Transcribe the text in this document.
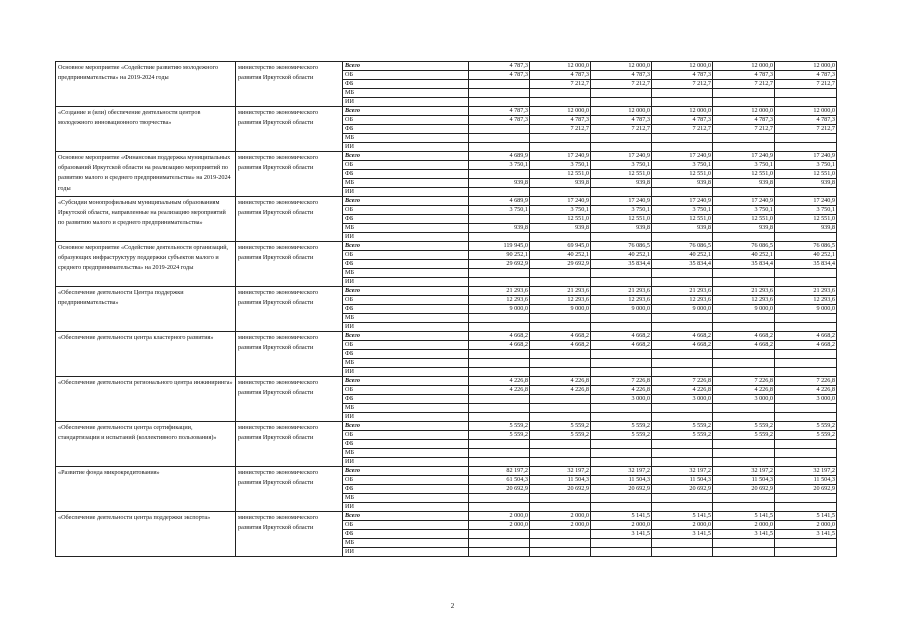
Основное мероприятие «Содействие развитию молодежного предпринимательства» на 2019-2024 годы	министерство экономического развития Иркутской области	Всего	4 787,3	12 000,0	12 000,0	12 000,0	12 000,0	12 000,0
		ОБ	4 787,3	4 787,3	4 787,3	4 787,3	4 787,3	4 787,3
		ФБ		7 212,7	7 212,7	7 212,7	7 212,7	7 212,7
		МБ						
		ИИ						
«Создание и (или) обеспечение деятельности центров молодежного инновационного творчества»	министерство экономического развития Иркутской области	Всего	4 787,3	12 000,0	12 000,0	12 000,0	12 000,0	12 000,0
		ОБ	4 787,3	4 787,3	4 787,3	4 787,3	4 787,3	4 787,3
		ФБ		7 212,7	7 212,7	7 212,7	7 212,7	7 212,7
		МБ						
		ИИ						
Основное мероприятие «Финансовая поддержка муниципальных образований Иркутской области на реализацию мероприятий по развитию малого и среднего предпринимательства» на 2019-2024 годы	министерство экономического развития Иркутской области	Всего	4 689,9	17 240,9	17 240,9	17 240,9	17 240,9	17 240,9
		ОБ	3 750,1	3 750,1	3 750,1	3 750,1	3 750,1	3 750,1
		ФБ		12 551,0	12 551,0	12 551,0	12 551,0	12 551,0
		МБ	939,8	939,8	939,8	939,8	939,8	939,8
		ИИ						
«Субсидии монопрофильным муниципальным образованиям Иркутской области, направленные на реализацию мероприятий по развитию малого и среднего предпринимательства»	министерство экономического развития Иркутской области	Всего	4 689,9	17 240,9	17 240,9	17 240,9	17 240,9	17 240,9
		ОБ	3 750,1	3 750,1	3 750,1	3 750,1	3 750,1	3 750,1
		ФБ		12 551,0	12 551,0	12 551,0	12 551,0	12 551,0
		МБ	939,8	939,8	939,8	939,8	939,8	939,8
		ИИ						
Основное мероприятие «Содействие деятельности организаций, образующих инфраструктуру поддержки субъектов малого и среднего предпринимательства» на 2019-2024 годы	министерство экономического развития Иркутской области	Всего	119 945,0	69 945,0	76 086,5	76 086,5	76 086,5	76 086,5
		ОБ	90 252,1	40 252,1	40 252,1	40 252,1	40 252,1	40 252,1
		ФБ	29 692,9	29 692,9	35 834,4	35 834,4	35 834,4	35 834,4
		МБ						
		ИИ						
«Обеспечение деятельности Центра поддержки предпринимательства»	министерство экономического развития Иркутской области	Всего	21 293,6	21 293,6	21 293,6	21 293,6	21 293,6	21 293,6
		ОБ	12 293,6	12 293,6	12 293,6	12 293,6	12 293,6	12 293,6
		ФБ	9 000,0	9 000,0	9 000,0	9 000,0	9 000,0	9 000,0
		МБ						
		ИИ						
«Обеспечение деятельности центра кластерного развития»	министерство экономического развития Иркутской области	Всего	4 668,2	4 668,2	4 668,2	4 668,2	4 668,2	4 668,2
		ОБ	4 668,2	4 668,2	4 668,2	4 668,2	4 668,2	4 668,2
		ФБ						
		МБ						
		ИИ						
«Обеспечение деятельности регионального центра инжиниринга»	министерство экономического развития Иркутской области	Всего	4 226,8	4 226,8	7 226,8	7 226,8	7 226,8	7 226,8
		ОБ	4 226,8	4 226,8	4 226,8	4 226,8	4 226,8	4 226,8
		ФБ			3 000,0	3 000,0	3 000,0	3 000,0
		МБ						
		ИИ						
«Обеспечение деятельности центра сертификации, стандартизации и испытаний (коллективного пользования)»	министерство экономического развития Иркутской области	Всего	5 559,2	5 559,2	5 559,2	5 559,2	5 559,2	5 559,2
		ОБ	5 559,2	5 559,2	5 559,2	5 559,2	5 559,2	5 559,2
		ФБ						
		МБ						
		ИИ						
«Развитие фонда микрокредитования»	министерство экономического развития Иркутской области	Всего	82 197,2	32 197,2	32 197,2	32 197,2	32 197,2	32 197,2
		ОБ	61 504,3	11 504,3	11 504,3	11 504,3	11 504,3	11 504,3
		ФБ	20 692,9	20 692,9	20 692,9	20 692,9	20 692,9	20 692,9
		МБ						
		ИИ						
«Обеспечение деятельности центра поддержки экспорта»	министерство экономического развития Иркутской области	Всего	2 000,0	2 000,0	5 141,5	5 141,5	5 141,5	5 141,5
		ОБ	2 000,0	2 000,0	2 000,0	2 000,0	2 000,0	2 000,0
		ФБ			3 141,5	3 141,5	3 141,5	3 141,5
		МБ						
		ИИ						
2
